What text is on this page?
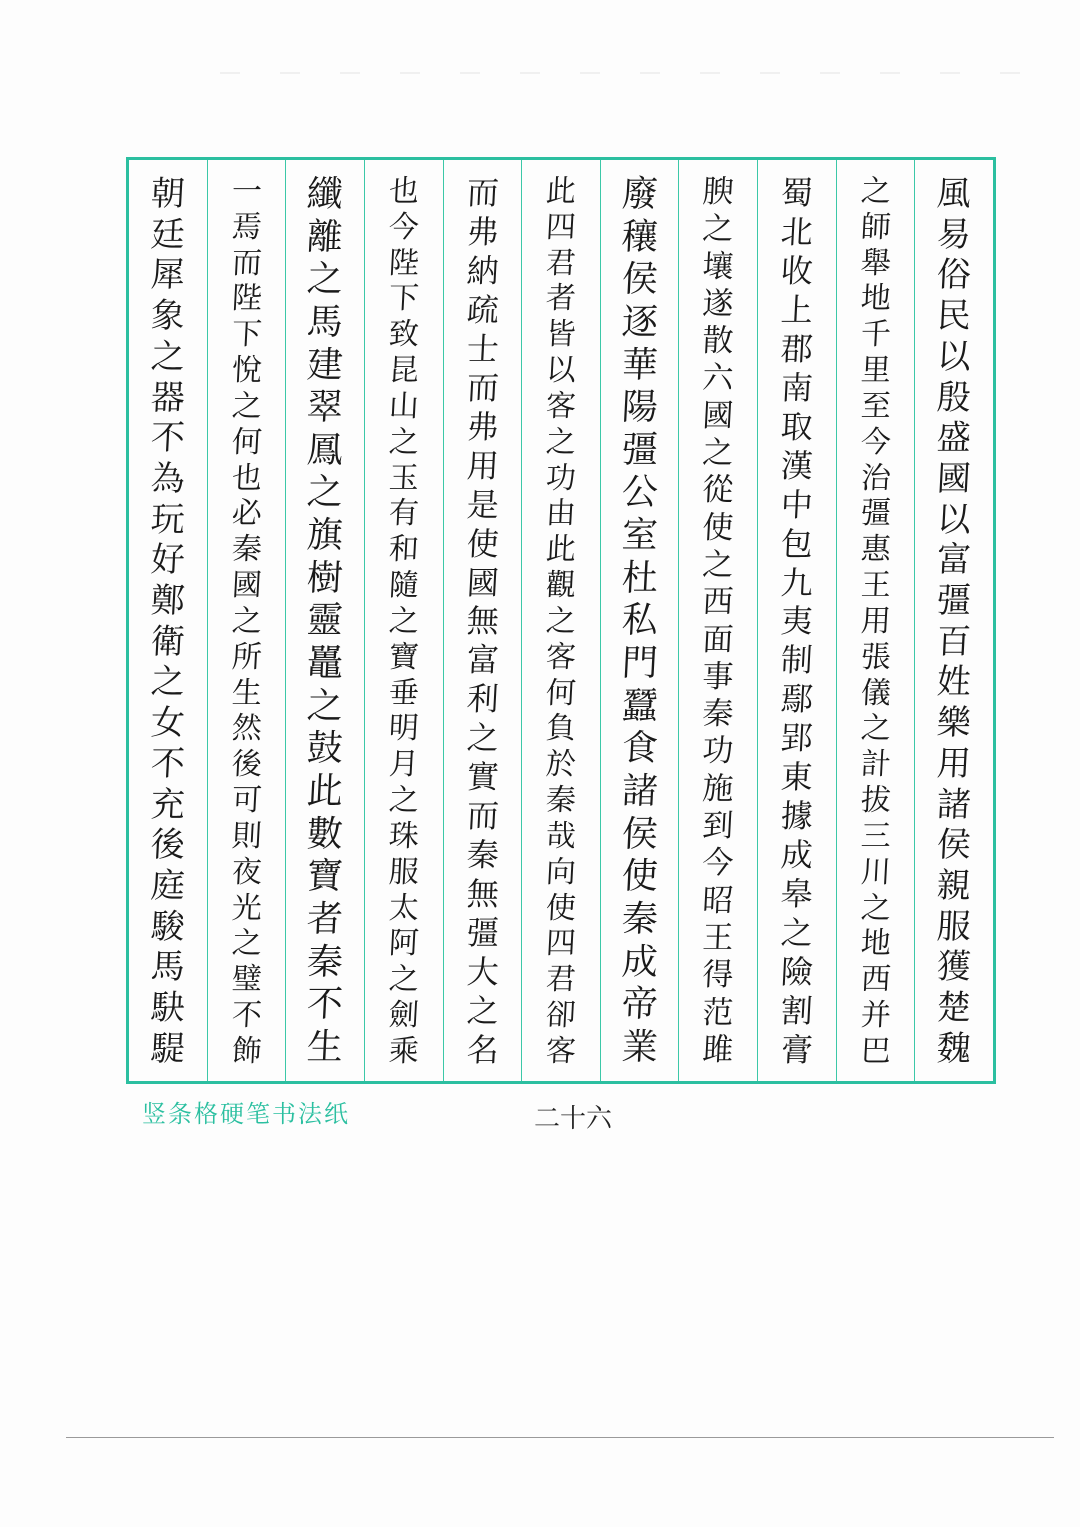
風
易
俗
民
以
殷
盛
國
以
富
彊
百
姓
樂
用
諸
侯
親
服
獲
楚
魏
之
師
舉
地
千
里
至
今
治
彊
惠
王
用
張
儀
之
計
拔
三
川
之
地
西
并
巴
蜀
北
收
上
郡
南
取
漢
中
包
九
夷
制
鄢
郢
東
據
成
皋
之
險
割
膏
腴
之
壤
遂
散
六
國
之
從
使
之
西
面
事
秦
功
施
到
今
昭
王
得
范
雎
廢
穰
侯
逐
華
陽
彊
公
室
杜
私
門
蠶
食
諸
侯
使
秦
成
帝
業
此
四
君
者
皆
以
客
之
功
由
此
觀
之
客
何
負
於
秦
哉
向
使
四
君
卻
客
而
弗
納
疏
士
而
弗
用
是
使
國
無
富
利
之
實
而
秦
無
彊
大
之
名
也
今
陛
下
致
昆
山
之
玉
有
和
隨
之
寶
垂
明
月
之
珠
服
太
阿
之
劍
乘
纖
離
之
馬
建
翠
鳳
之
旗
樹
靈
鼉
之
鼓
此
數
寶
者
秦
不
生
一
焉
而
陛
下
悅
之
何
也
必
秦
國
之
所
生
然
後
可
則
夜
光
之
璧
不
飾
朝
廷
犀
象
之
器
不
為
玩
好
鄭
衛
之
女
不
充
後
庭
駿
馬
駃
騠

竖条格硬笔书法纸	二十六
